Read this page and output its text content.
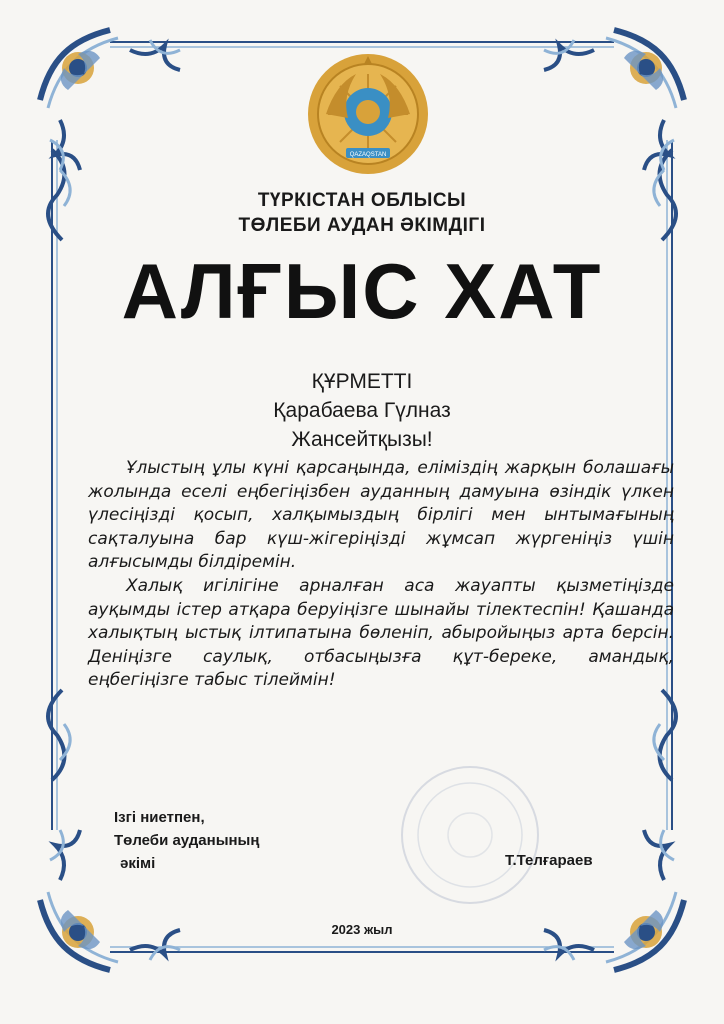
QAZAQSTAN
ТҮРКІСТАН ОБЛЫСЫ
ТӨЛЕБИ АУДАН ӘКІМДІГІ
АЛҒЫС ХАТ

ҚҰРМЕТТІ

Қарабаева Гүлназ

Жансейтқызы!

Ұлыстың ұлы күні қарсаңында, еліміздің жарқын болашағы жолында еселі еңбегіңізбен ауданның дамуына өзіндік үлкен үлесіңізді қосып, халқымыздың бірлігі мен ынтымағының сақталуына бар күш-жігеріңізді жұмсап жүргеніңіз үшін алғысымды білдіремін.

Халық игілігіне арналған аса жауапты қызметіңізде ауқымды істер атқара беруіңізге шынайы тілектеспін! Қашанда халықтың ыстық ілтипатына бөленіп, абыройыңыз арта берсін. Деніңізге саулық, отбасыңызға құт-береке, амандық, еңбегіңізге табыс тілеймін!

Ізгі ниетпен,
Төлеби ауданының
әкімі	Т.Телғараев

2023 жыл
